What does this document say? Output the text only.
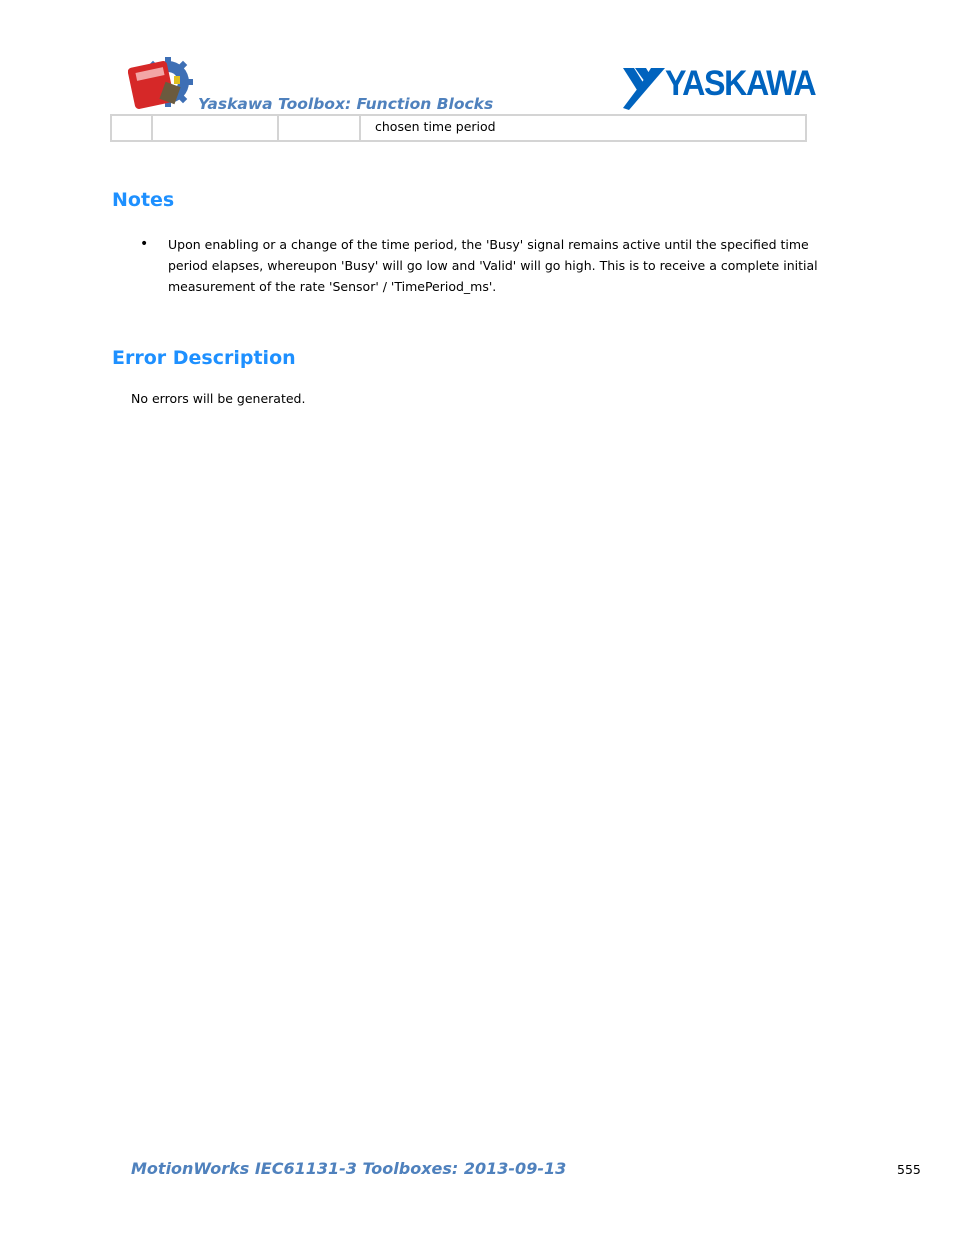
Yaskawa Toolbox: Function Blocks
YASKAWA

chosen time period
Notes
• Upon enabling or a change of the time period, the 'Busy' signal remains active until the specified time period elapses, whereupon 'Busy' will go low and 'Valid' will go high. This is to receive a complete initial measurement of the rate 'Sensor' / 'TimePeriod_ms'.
Error Description
No errors will be generated.
MotionWorks IEC61131-3 Toolboxes: 2013-09-13	555
